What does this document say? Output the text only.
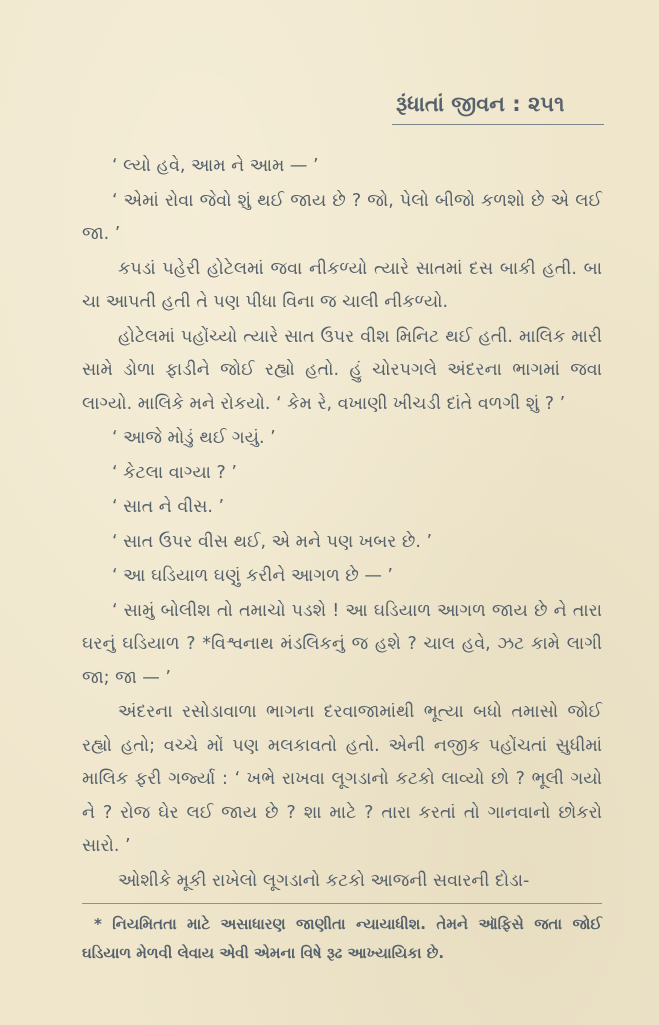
રૂંધાતાં જીવન : ૨૫૧

‘ લ્યો હવે, આમ ને આમ — ’

‘ એમાં રોવા જેવો શું થઈ જાય છે ? જો, પેલો બીજો કળશો છે એ લઈ જા. ’

કપડાં પહેરી હોટેલમાં જવા નીકળ્યો ત્યારે સાતમાં દસ બાકી હતી. બા ચા આપતી હતી તે પણ પીધા વિના જ ચાલી નીકળ્યો.

હોટેલમાં પહોંચ્યો ત્યારે સાત ઉપર વીશ મિનિટ થઈ હતી. માલિક મારી સામે ડોળા ફાડીને જોઈ રહ્યો હતો. હું ચોરપગલે અંદરના ભાગમાં જવા લાગ્યો. માલિકે મને રોકયો. ‘ કેમ રે, વખાણી ખીચડી દાંતે વળગી શું ? ’

‘ આજે મોડું થઈ ગયું. ’

‘ કેટલા વાગ્યા ? ’

‘ સાત ને વીસ. ’

‘ સાત ઉપર વીસ થઈ, એ મને પણ ખબર છે. ’

‘ આ ઘડિયાળ ઘણું કરીને આગળ છે — ’

‘ સામું બોલીશ તો તમાચો પડશે ! આ ઘડિયાળ આગળ જાય છે ને તારા ઘરનું ઘડિયાળ ? *વિશ્વનાથ મંડલિકનું જ હશે ? ચાલ હવે, ઝટ કામે લાગી જા; જા — ’

અંદરના રસોડાવાળા ભાગના દરવાજામાંથી ભૂત્યા બધો તમાસો જોઈ રહ્યો હતો; વચ્ચે મોં પણ મલકાવતો હતો. એની નજીક પહોંચતાં સુધીમાં માલિક ફરી ગર્જ્યા : ‘ ખભે રાખવા લૂગડાનો કટકો લાવ્યો છો ? ભૂલી ગયો ને ? રોજ ઘેર લઈ જાય છે ? શા માટે ? તારા કરતાં તો ગાનવાનો છોકરો સારો. ’

ઓશીકે મૂકી રાખેલો લૂગડાનો કટકો આજની સવારની દોડા-

* નિયમિતતા માટે અસાધારણ જાણીતા ન્યાયાધીશ. તેમને ઑફિસે જતા જોઈ ઘડિયાળ મેળવી લેવાય એવી એમના વિષે રૂઢ આખ્યાયિકા છે.
